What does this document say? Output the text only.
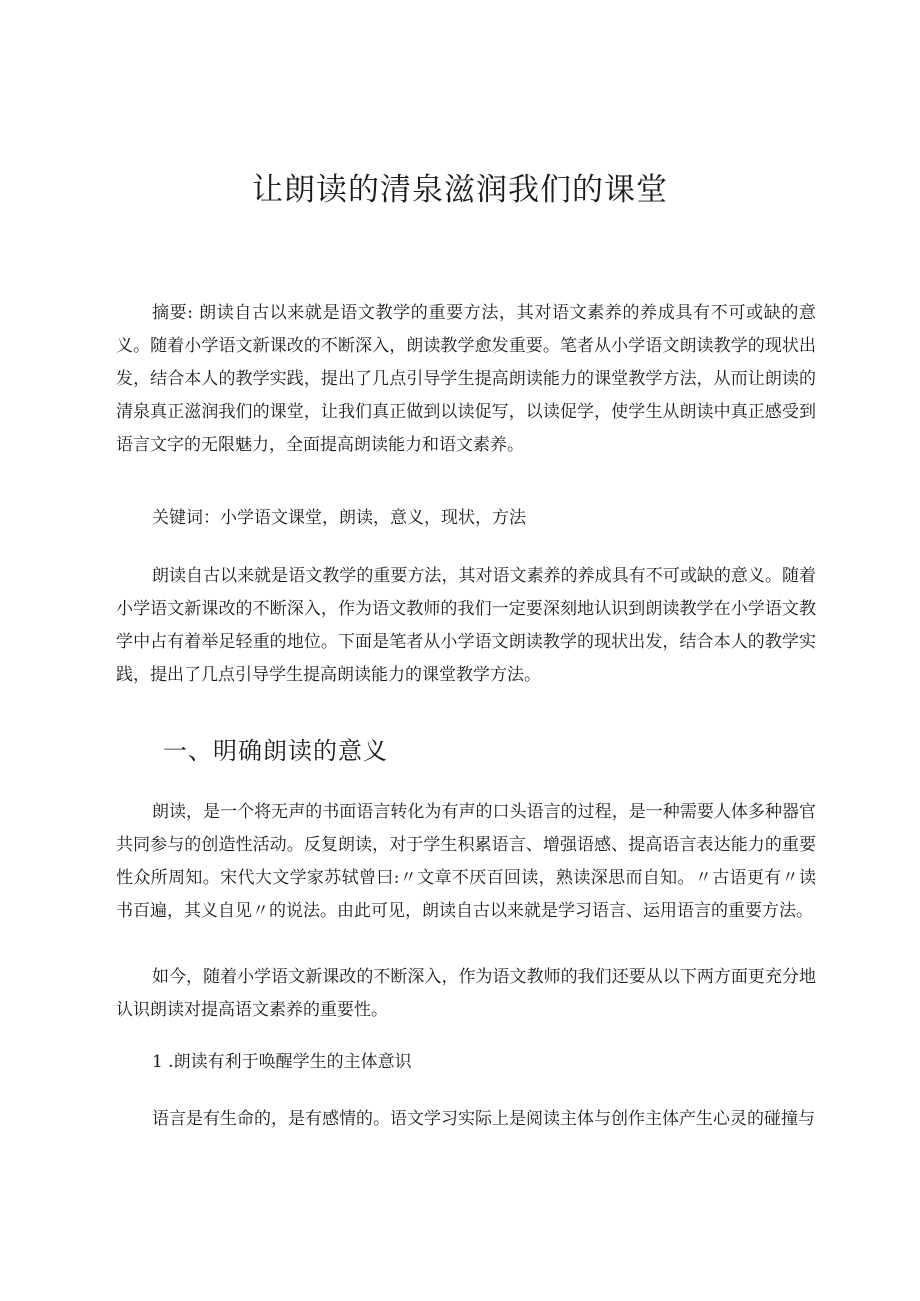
让朗读的清泉滋润我们的课堂

摘要: 朗读自古以来就是语文教学的重要方法，其对语文素养的养成具有不可或缺的意义。随着小学语文新课改的不断深入，朗读教学愈发重要。笔者从小学语文朗读教学的现状出发，结合本人的教学实践，提出了几点引导学生提高朗读能力的课堂教学方法，从而让朗读的清泉真正滋润我们的课堂，让我们真正做到以读促写，以读促学，使学生从朗读中真正感受到语言文字的无限魅力，全面提高朗读能力和语文素养。

关键词：小学语文课堂，朗读，意义，现状，方法

朗读自古以来就是语文教学的重要方法，其对语文素养的养成具有不可或缺的意义。随着小学语文新课改的不断深入，作为语文教师的我们一定要深刻地认识到朗读教学在小学语文教学中占有着举足轻重的地位。下面是笔者从小学语文朗读教学的现状出发，结合本人的教学实践，提出了几点引导学生提高朗读能力的课堂教学方法。

一、明确朗读的意义

朗读，是一个将无声的书面语言转化为有声的口头语言的过程，是一种需要人体多种器官共同参与的创造性活动。反复朗读，对于学生积累语言、增强语感、提高语言表达能力的重要性众所周知。宋代大文学家苏轼曾曰:〃文章不厌百回读，熟读深思而自知。〃古语更有〃读书百遍，其义自见〃的说法。由此可见，朗读自古以来就是学习语言、运用语言的重要方法。

如今，随着小学语文新课改的不断深入，作为语文教师的我们还要从以下两方面更充分地认识朗读对提高语文素养的重要性。

1 .朗读有利于唤醒学生的主体意识

语言是有生命的，是有感情的。语文学习实际上是阅读主体与创作主体产生心灵的碰撞与
